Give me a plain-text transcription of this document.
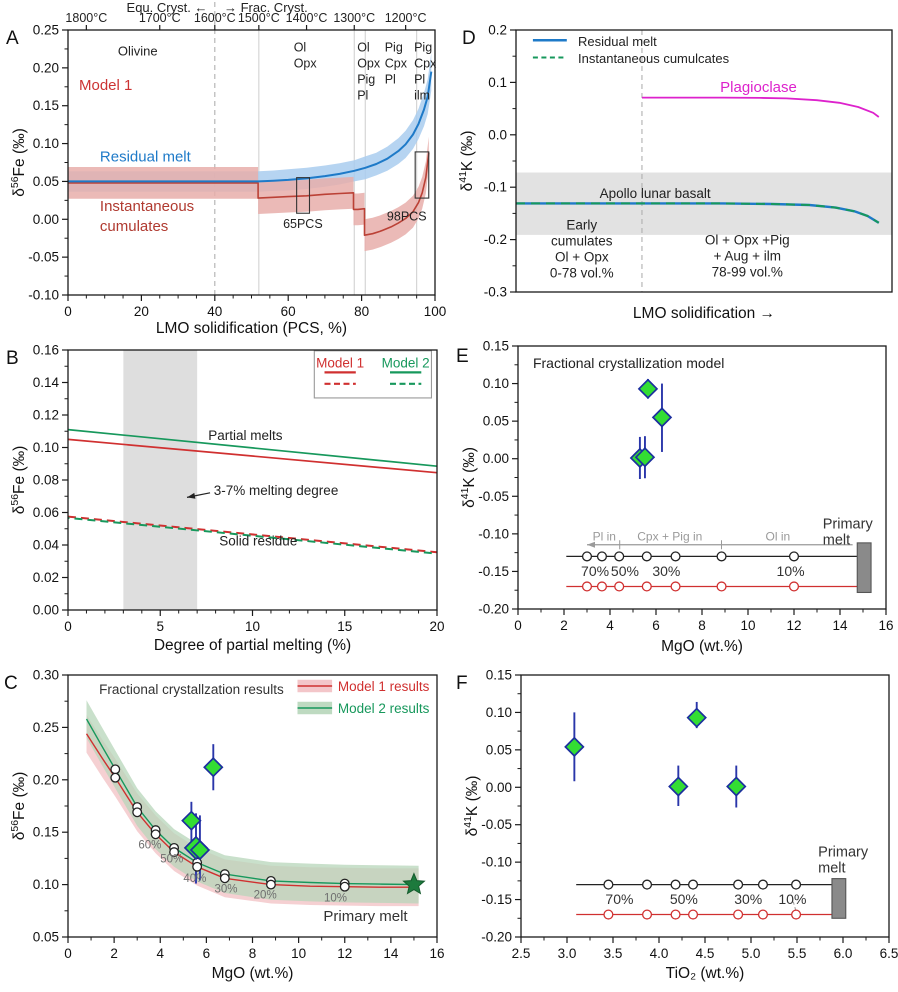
0	20	40	60	80	100
-0.10
-0.05
0.00
0.05
0.10
0.15
0.20
0.25
1800°C	1700°C 1600°C 1500°C 1400°C 1300°C 1200°C
Equ. Cryst. ← → Frac. Cryst.
Model 1
Olivine
Residual melt
Instantaneous cumulates	65PCS
98PCS
Ol Opx
Ol Opx Pig Pl
Pig Cpx Pl
Pig Cpx Pl ilm
LMO solidification (PCS, %)
$\delta^{56}Fe$ (‰)
A
0	5	10	15	20
0.00
0.02
0.04
0.06
0.08
0.10
0.12
0.14
0.16
Model 1 Model 2
Partial melts
Solid residue
3-7% melting degree
Degree of partial melting (%)
$\delta^{56}Fe$ (‰)
B
0	2	4	6	8	10 12 14 16
0.05
0.10
0.15
0.20
0.25
0.30
Fractional crystallzation results	Model 1 results
Model 2 results
60%
50%
40%
30% 20%	10%
Primary melt
MgO (wt.%)
$\delta^{56}Fe$ (‰)
C
-0.3
-0.2
-0.1
0.0
0.1
0.2
Residual melt
Instantaneous cumulcates
Plagioclase
Apollo lunar basalt
Early cumulates Ol + Opx 0-78 vol.%
Ol + Opx +Pig + Aug + ilm 78-99 vol.%
LMO solidification →
$\delta^{41}K$ (‰)
D
0	2	4	6	8	10 12 14 16
-0.20
-0.15
-0.10
-0.05
0.00
0.05
0.10
0.15
Fractional crystallization model
Pl in Cpx + Pig in	Ol in
70% 50% 30%	10%
Primary melt
MgO (wt.%)
$\delta^{41}K$ (‰)
E
2.5 3.0 3.5 4.0 4.5 5.0 5.5 6.0 6.5
-0.20
-0.15
-0.10
-0.05
0.00
0.05
0.10
0.15
70%	50%	30% 10%
Primary melt
TiO₂ (wt.%)
$\delta^{41}K$ (‰)
F
